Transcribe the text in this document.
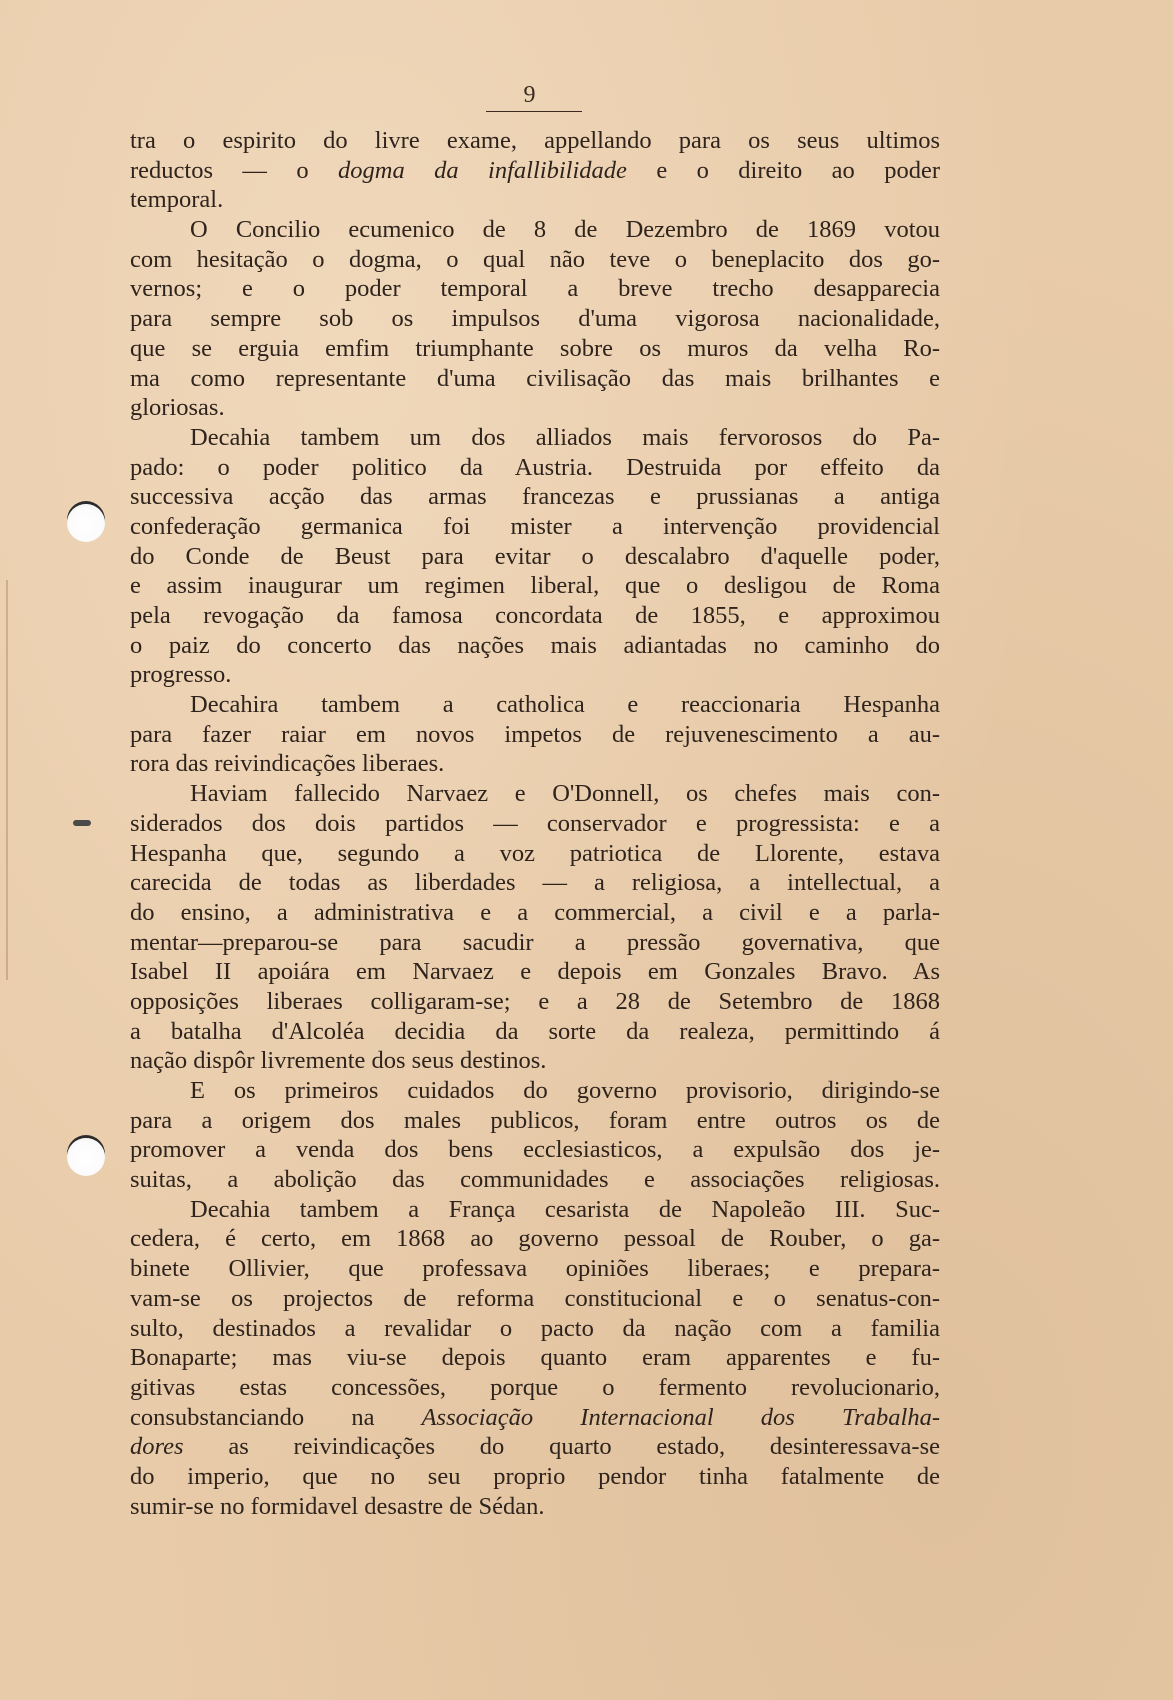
9
tra o espirito do livre exame, appellando para os seus ultimos
reductos — o dogma da infallibilidade e o direito ao poder
temporal.
O Concilio ecumenico de 8 de Dezembro de 1869 votou
com hesitação o dogma, o qual não teve o beneplacito dos go-
vernos; e o poder temporal a breve trecho desapparecia
para sempre sob os impulsos d'uma vigorosa nacionalidade,
que se erguia emfim triumphante sobre os muros da velha Ro-
ma como representante d'uma civilisação das mais brilhantes e
gloriosas.
Decahia tambem um dos alliados mais fervorosos do Pa-
pado: o poder politico da Austria. Destruida por effeito da
successiva acção das armas francezas e prussianas a antiga
confederação germanica foi mister a intervenção providencial
do Conde de Beust para evitar o descalabro d'aquelle poder,
e assim inaugurar um regimen liberal, que o desligou de Roma
pela revogação da famosa concordata de 1855, e approximou
o paiz do concerto das nações mais adiantadas no caminho do
progresso.
Decahira tambem a catholica e reaccionaria Hespanha
para fazer raiar em novos impetos de rejuvenescimento a au-
rora das reivindicações liberaes.
Haviam fallecido Narvaez e O'Donnell, os chefes mais con-
siderados dos dois partidos — conservador e progressista: e a
Hespanha que, segundo a voz patriotica de Llorente, estava
carecida de todas as liberdades — a religiosa, a intellectual, a
do ensino, a administrativa e a commercial, a civil e a parla-
mentar—preparou-se para sacudir a pressão governativa, que
Isabel II apoiára em Narvaez e depois em Gonzales Bravo. As
opposições liberaes colligaram-se; e a 28 de Setembro de 1868
a batalha d'Alcoléa decidia da sorte da realeza, permittindo á
nação dispôr livremente dos seus destinos.
E os primeiros cuidados do governo provisorio, dirigindo-se
para a origem dos males publicos, foram entre outros os de
promover a venda dos bens ecclesiasticos, a expulsão dos je-
suitas, a abolição das communidades e associações religiosas.
Decahia tambem a França cesarista de Napoleão III. Suc-
cedera, é certo, em 1868 ao governo pessoal de Rouber, o ga-
binete Ollivier, que professava opiniões liberaes; e prepara-
vam-se os projectos de reforma constitucional e o senatus-con-
sulto, destinados a revalidar o pacto da nação com a familia
Bonaparte; mas viu-se depois quanto eram apparentes e fu-
gitivas estas concessões, porque o fermento revolucionario,
consubstanciando na Associação Internacional dos Trabalha-
dores as reivindicações do quarto estado, desinteressava-se
do imperio, que no seu proprio pendor tinha fatalmente de
sumir-se no formidavel desastre de Sédan.
